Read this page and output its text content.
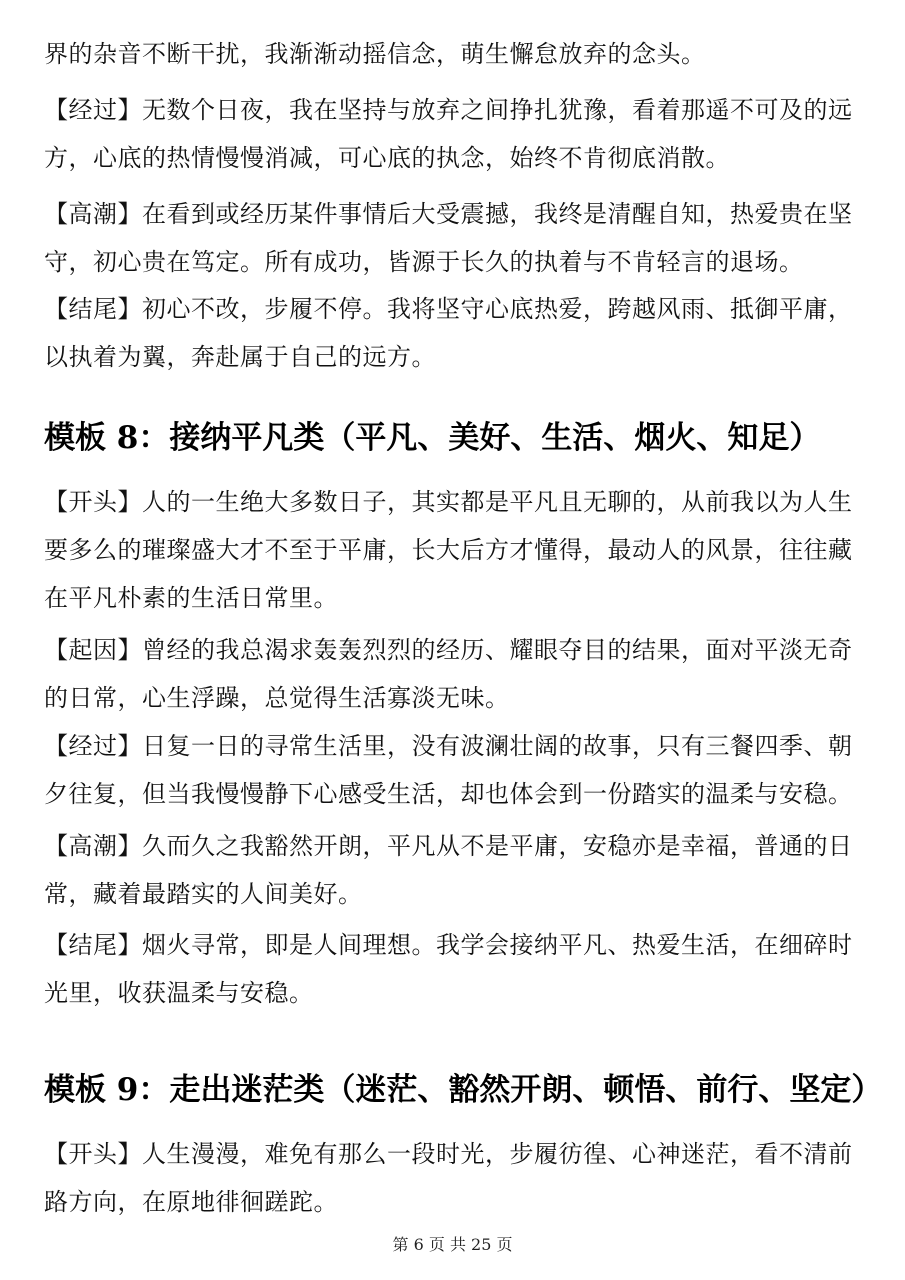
界的杂音不断干扰，我渐渐动摇信念，萌生懈怠放弃的念头。
【经过】无数个日夜，我在坚持与放弃之间挣扎犹豫，看着那遥不可及的远方，心底的热情慢慢消减，可心底的执念，始终不肯彻底消散。
【高潮】在看到或经历某件事情后大受震撼，我终是清醒自知，热爱贵在坚守，初心贵在笃定。所有成功，皆源于长久的执着与不肯轻言的退场。
【结尾】初心不改，步履不停。我将坚守心底热爱，跨越风雨、抵御平庸，以执着为翼，奔赴属于自己的远方。
模板 8：接纳平凡类（平凡、美好、生活、烟火、知足）
【开头】人的一生绝大多数日子，其实都是平凡且无聊的，从前我以为人生要多么的璀璨盛大才不至于平庸，长大后方才懂得，最动人的风景，往往藏在平凡朴素的生活日常里。
【起因】曾经的我总渴求轰轰烈烈的经历、耀眼夺目的结果，面对平淡无奇的日常，心生浮躁，总觉得生活寡淡无味。
【经过】日复一日的寻常生活里，没有波澜壮阔的故事，只有三餐四季、朝夕往复，但当我慢慢静下心感受生活，却也体会到一份踏实的温柔与安稳。
【高潮】久而久之我豁然开朗，平凡从不是平庸，安稳亦是幸福，普通的日常，藏着最踏实的人间美好。
【结尾】烟火寻常，即是人间理想。我学会接纳平凡、热爱生活，在细碎时光里，收获温柔与安稳。
模板 9：走出迷茫类（迷茫、豁然开朗、顿悟、前行、坚定）
【开头】人生漫漫，难免有那么一段时光，步履彷徨、心神迷茫，看不清前路方向，在原地徘徊蹉跎。
第 6 页 共 25 页
